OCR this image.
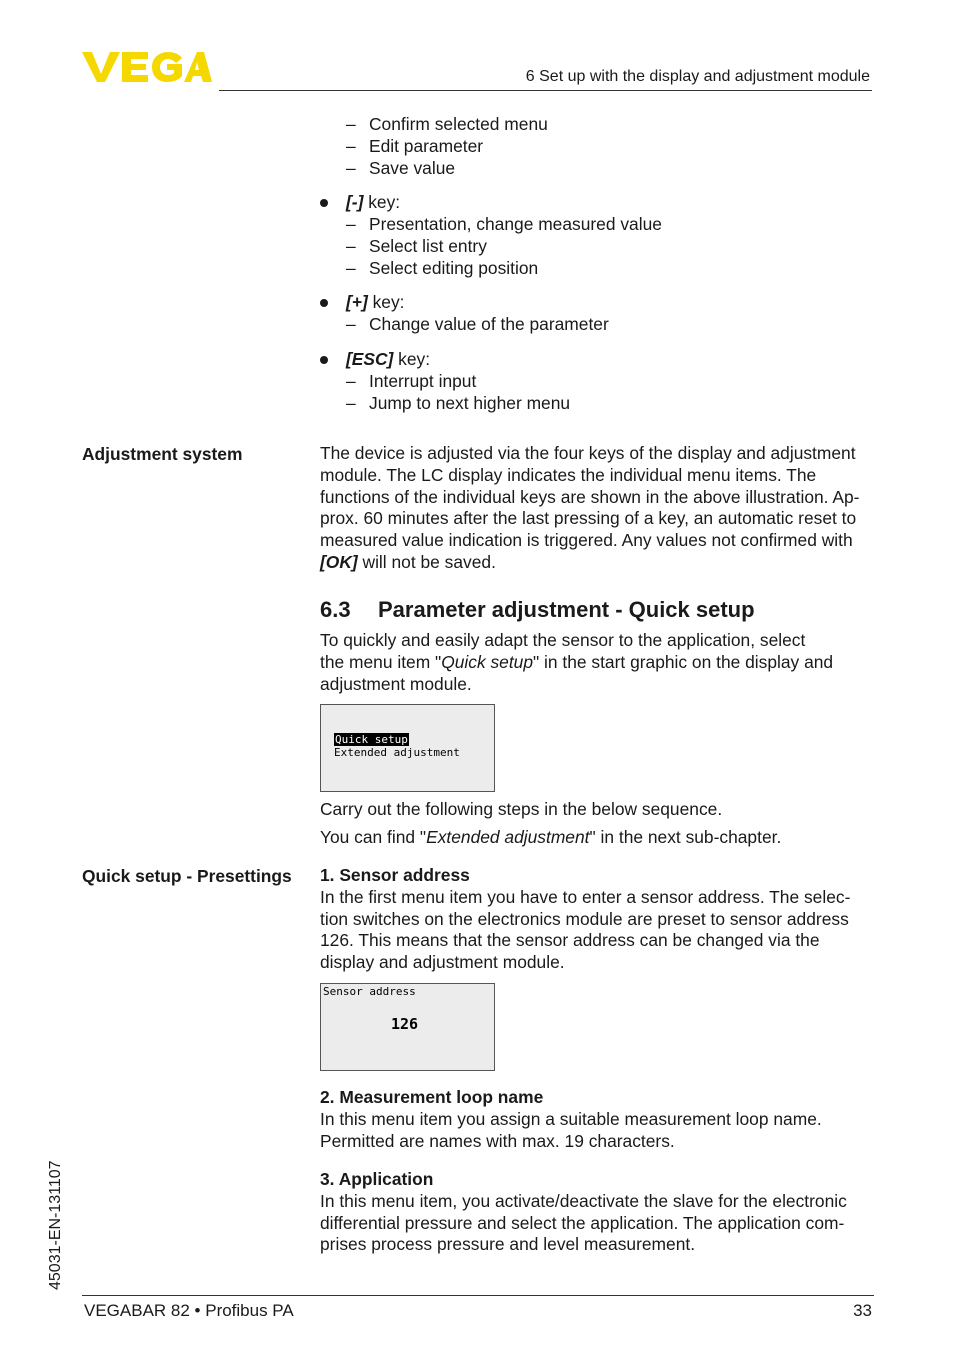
6 Set up with the display and adjustment module
– Confirm selected menu
– Edit parameter
– Save value
[-] key:
– Presentation, change measured value
– Select list entry
– Select editing position
[+] key:
– Change value of the parameter
[ESC] key:
– Interrupt input
– Jump to next higher menu
Adjustment system	The device is adjusted via the four keys of the display and adjustment
module. The LC display indicates the individual menu items. The
functions of the individual keys are shown in the above illustration. Ap-
prox. 60 minutes after the last pressing of a key, an automatic reset to
measured value indication is triggered. Any values not confirmed with
[OK] will not be saved.
6.3 Parameter adjustment - Quick setup
To quickly and easily adapt the sensor to the application, select
the menu item "Quick setup" in the start graphic on the display and
adjustment module.
Quick setup
Extended adjustment
Carry out the following steps in the below sequence.
You can find "Extended adjustment" in the next sub-chapter.
Quick setup - Presettings 1. Sensor address
In the first menu item you have to enter a sensor address. The selec-
tion switches on the electronics module are preset to sensor address
126. This means that the sensor address can be changed via the
display and adjustment module.
Sensor address
126
2. Measurement loop name
In this menu item you assign a suitable measurement loop name.
Permitted are names with max. 19 characters.
3. Application
In this menu item, you activate/deactivate the slave for the electronic
differential pressure and select the application. The application com-
prises process pressure and level measurement.
45031-EN-131107
VEGABAR 82 • Profibus PA	33
